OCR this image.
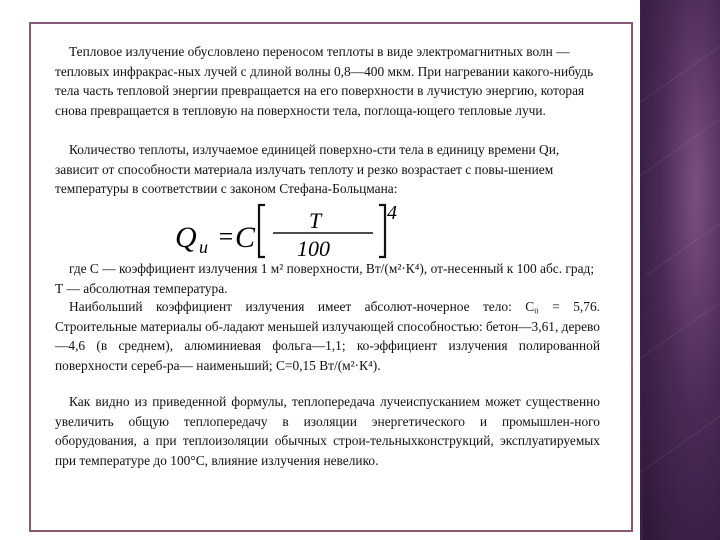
Тепловое излучение обусловлено переносом теплоты в виде электромагнитных волн — тепловых инфракрас-ных лучей с длиной волны 0,8—400 мкм. При нагревании какого-нибудь тела часть тепловой энергии превращается на его поверхности в лучистую энергию, которая снова превращается в тепловую на поверхности тела, поглоща-ющего тепловые лучи.

Количество теплоты, излучаемое единицей поверхно-сти тела в единицу времени Qи, зависит от способности материала излучать теплоту и резко возрастает с повы-шением температуры в соответствии с законом Стефана-Больцмана:

Q и = C
T
100
4

где С — коэффициент излучения 1 м² поверхности, Вт/(м²·К⁴), от-несенный к 100 абс. град; Т — абсолютная температура.

Наибольший коэффициент излучения имеет абсолют-ночерное тело: С₀ = 5,76. Строительные материалы об-ладают меньшей излучающей способностью: бетон—3,61, дерево—4,6 (в среднем), алюминиевая фольга—1,1; ко-эффициент излучения полированной поверхности сереб-ра— наименьший; С=0,15 Вт/(м²·К⁴).

Как видно из приведенной формулы, теплопередача лучеиспусканием может существенно увеличить общую теплопередачу в изоляции энергетического и промышлен-ного оборудования, а при теплоизоляции обычных строи-тельныхконструкций, эксплуатируемых при температуре до 100°С, влияние излучения невелико.
